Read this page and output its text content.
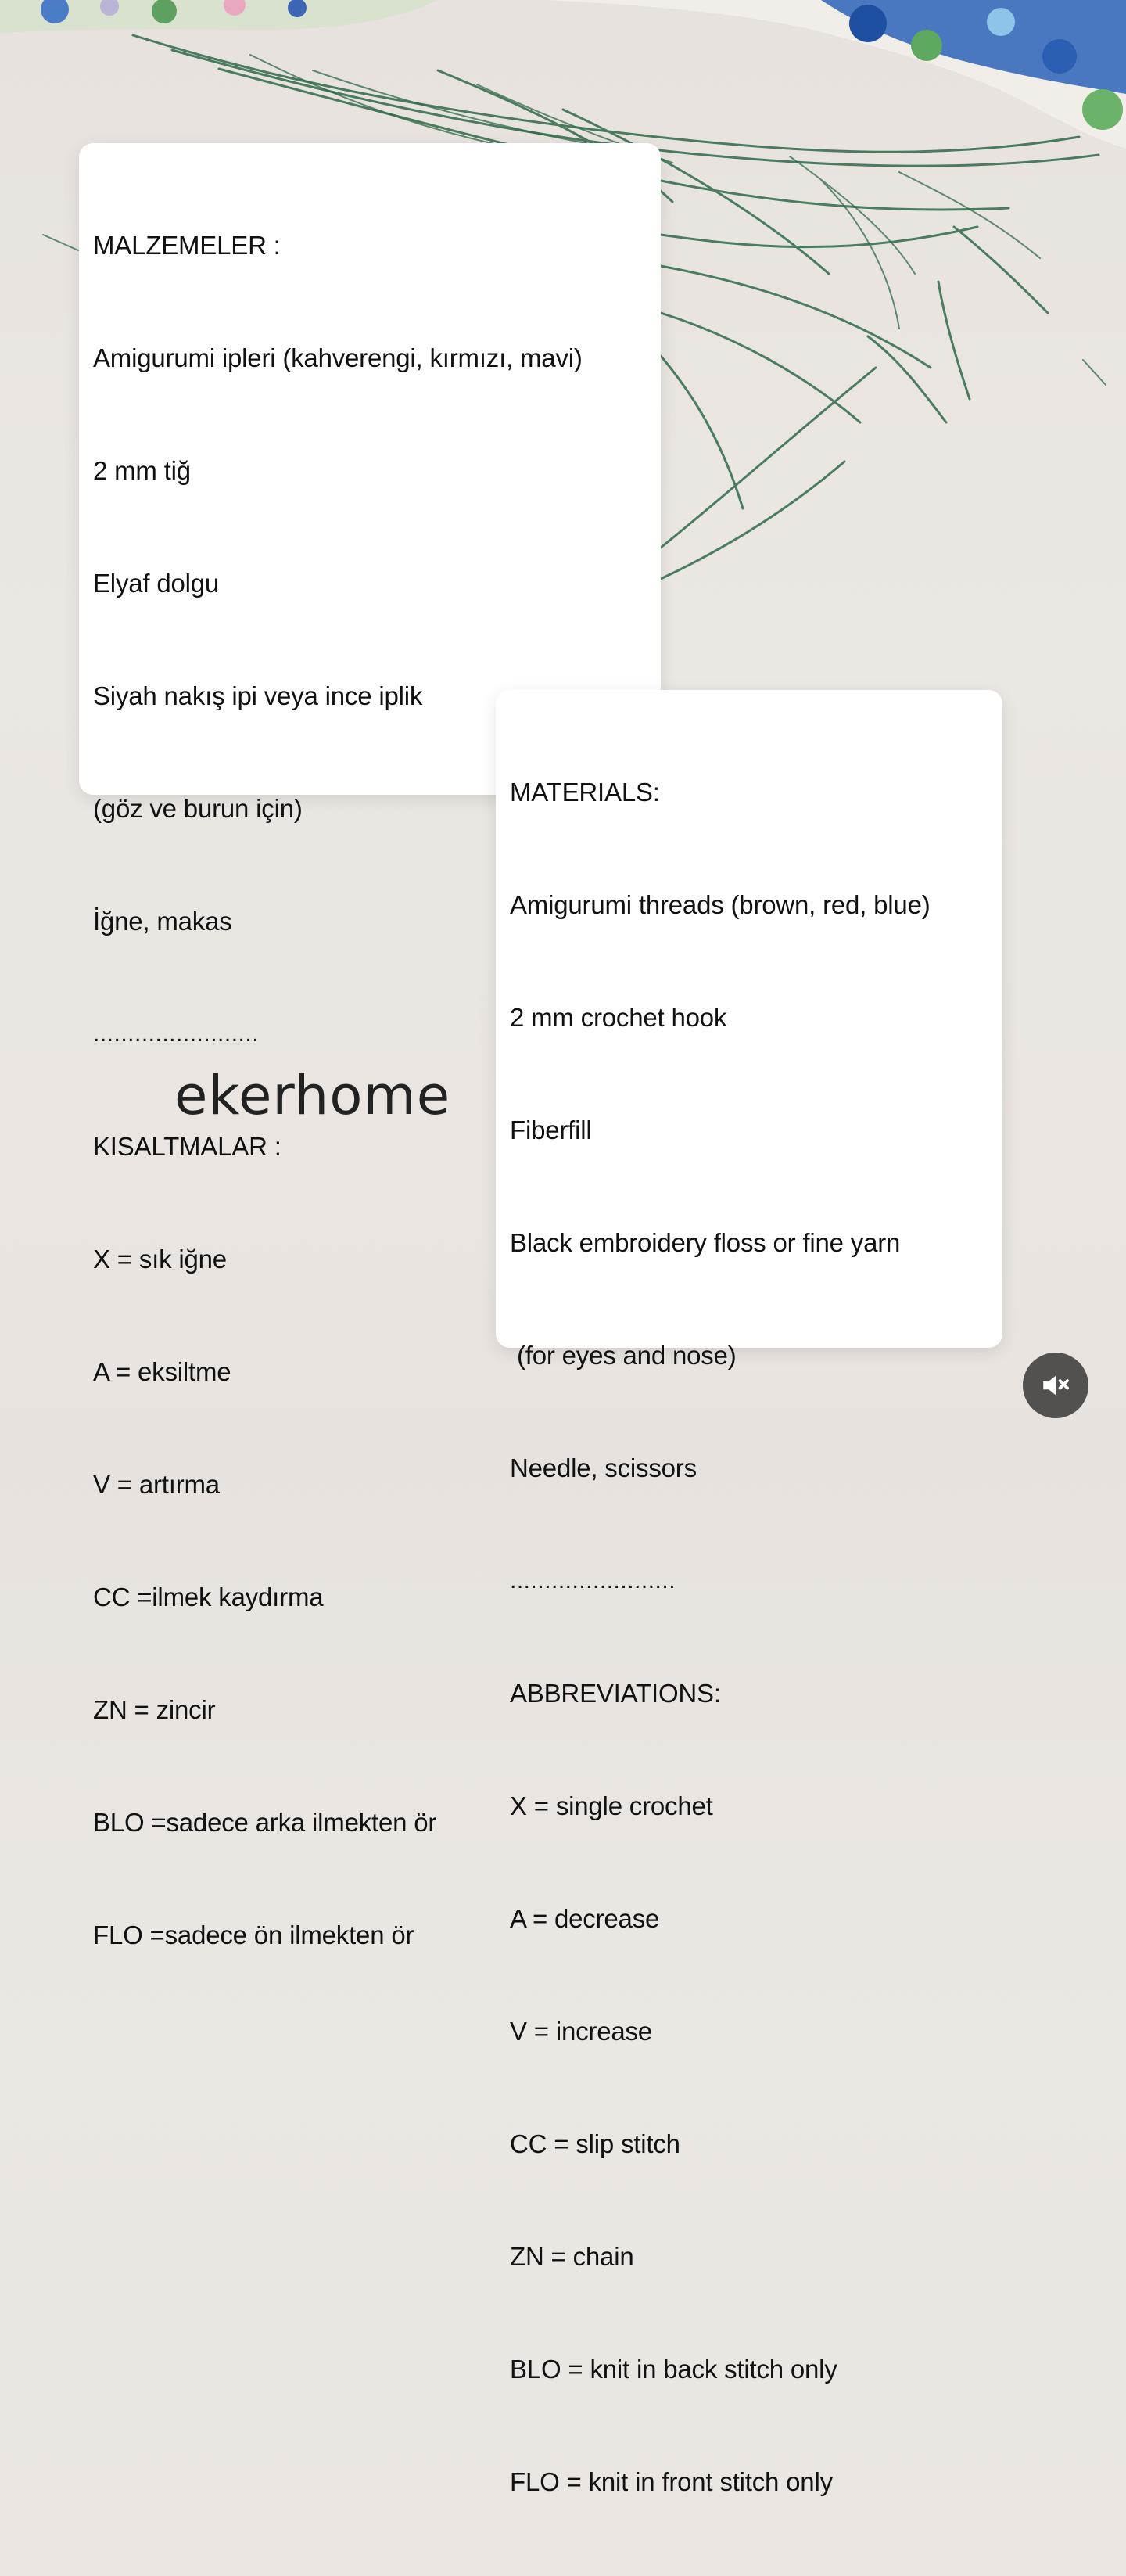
MALZEMELER :

Amigurumi ipleri (kahverengi, kırmızı, mavi)

2 mm tiğ

Elyaf dolgu

Siyah nakış ipi veya ince iplik

(göz ve burun için)

İğne, makas

........................

KISALTMALAR :

X = sık iğne

A = eksiltme

V = artırma

CC =ilmek kaydırma

ZN = zincir

BLO =sadece arka ilmekten ör

FLO =sadece ön ilmekten ör

MATERIALS:

Amigurumi threads (brown, red, blue)

2 mm crochet hook

Fiberfill

Black embroidery floss or fine yarn

(for eyes and nose)

Needle, scissors

........................

ABBREVIATIONS:

X = single crochet

A = decrease

V = increase

CC = slip stitch

ZN = chain

BLO = knit in back stitch only

FLO = knit in front stitch only

ekerhome
